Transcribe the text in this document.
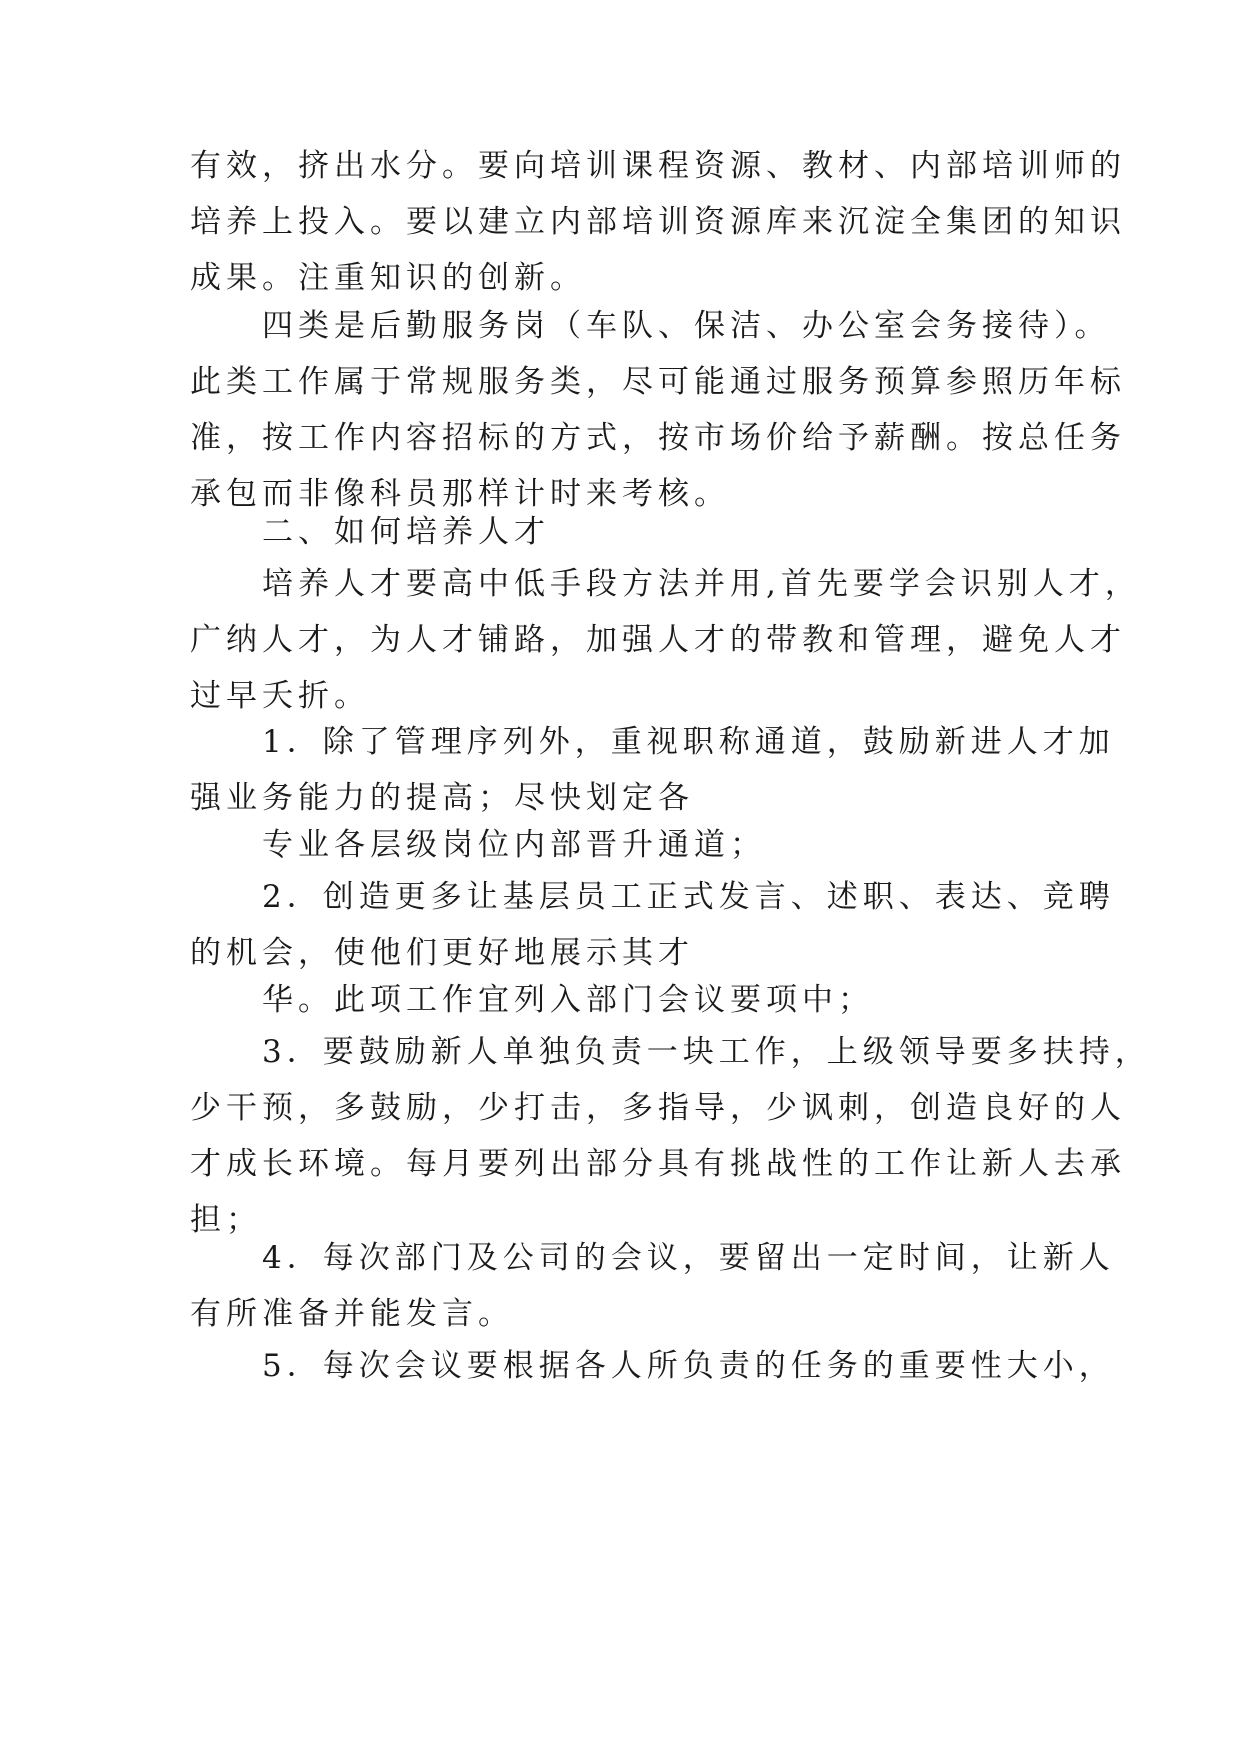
有效，挤出水分。要向培训课程资源、教材、内部培训师的
培养上投入。要以建立内部培训资源库来沉淀全集团的知识
成果。注重知识的创新。
　　四类是后勤服务岗（车队、保洁、办公室会务接待）。
此类工作属于常规服务类，尽可能通过服务预算参照历年标
准，按工作内容招标的方式，按市场价给予薪酬。按总任务
承包而非像科员那样计时来考核。
　　二、如何培养人才
　　培养人才要高中低手段方法并用,首先要学会识别人才，
广纳人才，为人才铺路，加强人才的带教和管理，避免人才
过早夭折。
　　1．除了管理序列外，重视职称通道，鼓励新进人才加
强业务能力的提高；尽快划定各
　　专业各层级岗位内部晋升通道；
　　2．创造更多让基层员工正式发言、述职、表达、竞聘
的机会，使他们更好地展示其才
　　华。此项工作宜列入部门会议要项中；
　　3．要鼓励新人单独负责一块工作，上级领导要多扶持，
少干预，多鼓励，少打击，多指导，少讽刺，创造良好的人
才成长环境。每月要列出部分具有挑战性的工作让新人去承
担；
　　4．每次部门及公司的会议，要留出一定时间，让新人
有所准备并能发言。
　　5．每次会议要根据各人所负责的任务的重要性大小，
